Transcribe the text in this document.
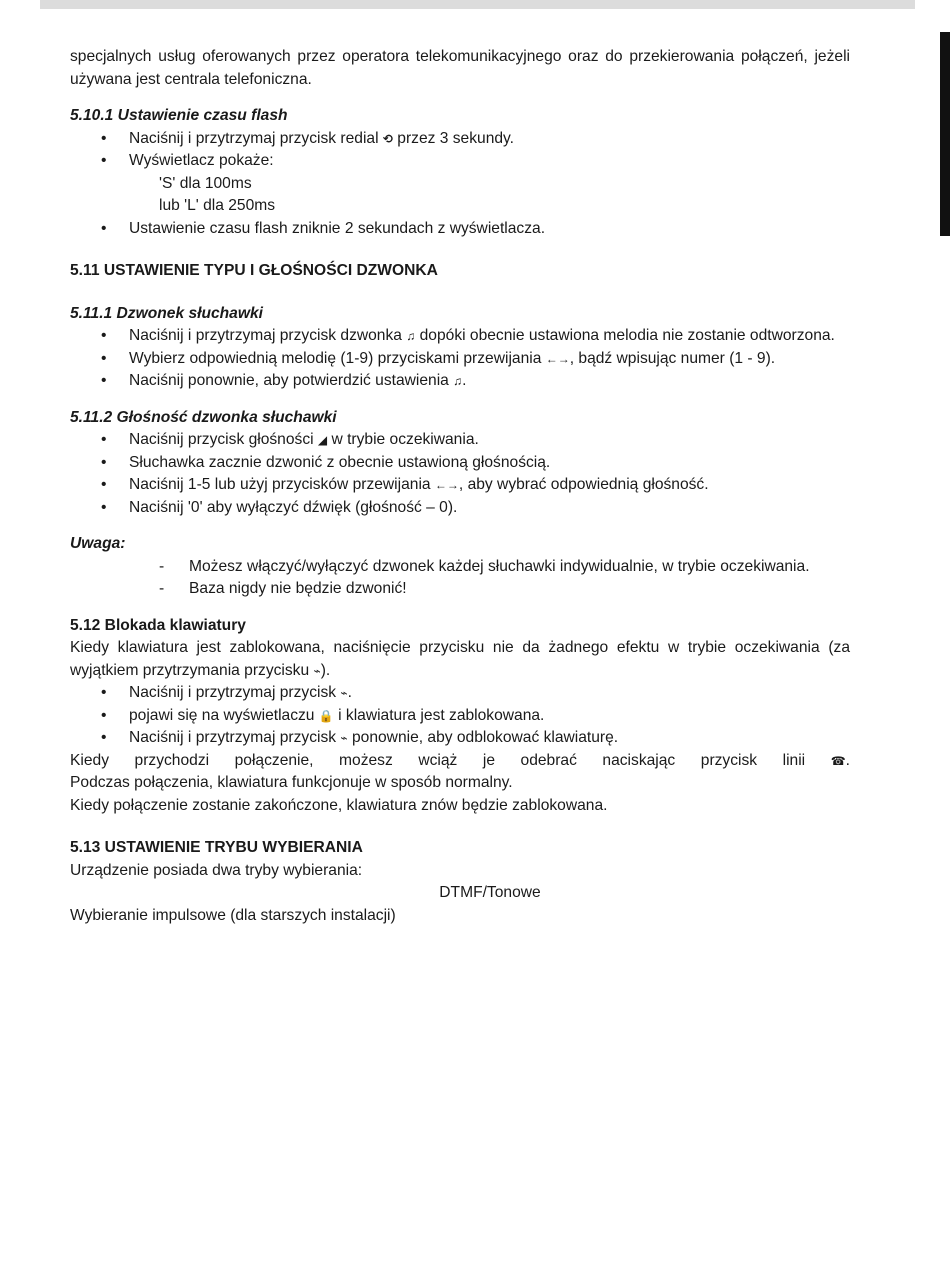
specjalnych usług oferowanych przez operatora telekomunikacyjnego oraz do przekierowania połączeń, jeżeli używana jest centrala telefoniczna.

5.10.1 Ustawienie czasu flash

• Naciśnij i przytrzymaj przycisk redial ⟲ przez 3 sekundy.
• Wyświetlacz pokaże:
'S' dla 100ms
lub 'L' dla 250ms
• Ustawienie czasu flash zniknie 2 sekundach z wyświetlacza.

5.11 USTAWIENIE TYPU I GŁOŚNOŚCI DZWONKA

5.11.1 Dzwonek słuchawki

• Naciśnij i przytrzymaj przycisk dzwonka ♫ dopóki obecnie ustawiona melodia nie zostanie odtworzona.
• Wybierz odpowiednią melodię (1-9) przyciskami przewijania ←→, bądź wpisując numer (1 - 9).
• Naciśnij ponownie, aby potwierdzić ustawienia ♫.

5.11.2 Głośność dzwonka słuchawki

• Naciśnij przycisk głośności ◢ w trybie oczekiwania.
• Słuchawka zacznie dzwonić z obecnie ustawioną głośnością.
• Naciśnij 1-5 lub użyj przycisków przewijania ←→, aby wybrać odpowiednią głośność.
• Naciśnij '0' aby wyłączyć dźwięk (głośność – 0).

Uwaga:

- Możesz włączyć/wyłączyć dzwonek każdej słuchawki indywidualnie, w trybie oczekiwania.
- Baza nigdy nie będzie dzwonić!

5.12 Blokada klawiatury

Kiedy klawiatura jest zablokowana, naciśnięcie przycisku nie da żadnego efektu w trybie oczekiwania (za wyjątkiem przytrzymania przycisku ⌁).

• Naciśnij i przytrzymaj przycisk ⌁.
• pojawi się na wyświetlaczu 🔒 i klawiatura jest zablokowana.
• Naciśnij i przytrzymaj przycisk ⌁ ponownie, aby odblokować klawiaturę.

Kiedy przychodzi połączenie, możesz wciąż je odebrać naciskając przycisk linii ☎.

Podczas połączenia, klawiatura funkcjonuje w sposób normalny.

Kiedy połączenie zostanie zakończone, klawiatura znów będzie zablokowana.

5.13 USTAWIENIE TRYBU WYBIERANIA

Urządzenie posiada dwa tryby wybierania:

DTMF/Tonowe

Wybieranie impulsowe (dla starszych instalacji)
